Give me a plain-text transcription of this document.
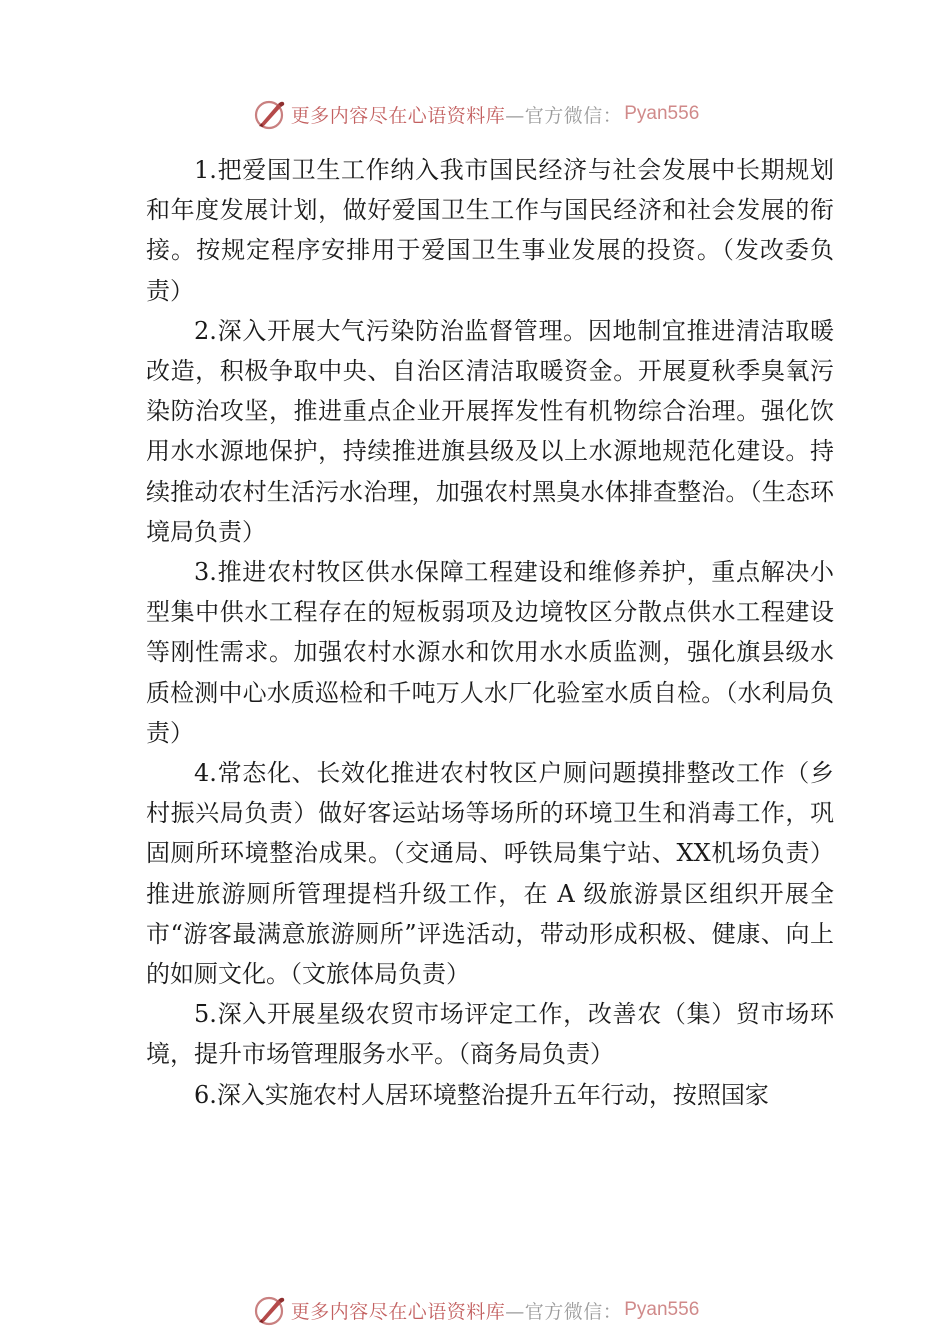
更多内容尽在心语资料库 —官方微信： Pyan556

1.把爱国卫生工作纳入我市国民经济与社会发展中长期规划和年度发展计划，做好爱国卫生工作与国民经济和社会发展的衔接。按规定程序安排用于爱国卫生事业发展的投资。（发改委负责）

2.深入开展大气污染防治监督管理。因地制宜推进清洁取暖改造，积极争取中央、自治区清洁取暖资金。开展夏秋季臭氧污染防治攻坚，推进重点企业开展挥发性有机物综合治理。强化饮用水水源地保护，持续推进旗县级及以上水源地规范化建设。持续推动农村生活污水治理，加强农村黑臭水体排查整治。（生态环境局负责）

3.推进农村牧区供水保障工程建设和维修养护，重点解决小型集中供水工程存在的短板弱项及边境牧区分散点供水工程建设等刚性需求。加强农村水源水和饮用水水质监测，强化旗县级水质检测中心水质巡检和千吨万人水厂化验室水质自检。（水利局负责）

4.常态化、长效化推进农村牧区户厕问题摸排整改工作（乡村振兴局负责）做好客运站场等场所的环境卫生和消毒工作，巩固厕所环境整治成果。（交通局、呼铁局集宁站、XX机场负责）推进旅游厕所管理提档升级工作，在 A 级旅游景区组织开展全市“游客最满意旅游厕所”评选活动，带动形成积极、健康、向上的如厕文化。（文旅体局负责）

5.深入开展星级农贸市场评定工作，改善农（集）贸市场环境，提升市场管理服务水平。（商务局负责）

6.深入实施农村人居环境整治提升五年行动，按照国家

更多内容尽在心语资料库 —官方微信： Pyan556
